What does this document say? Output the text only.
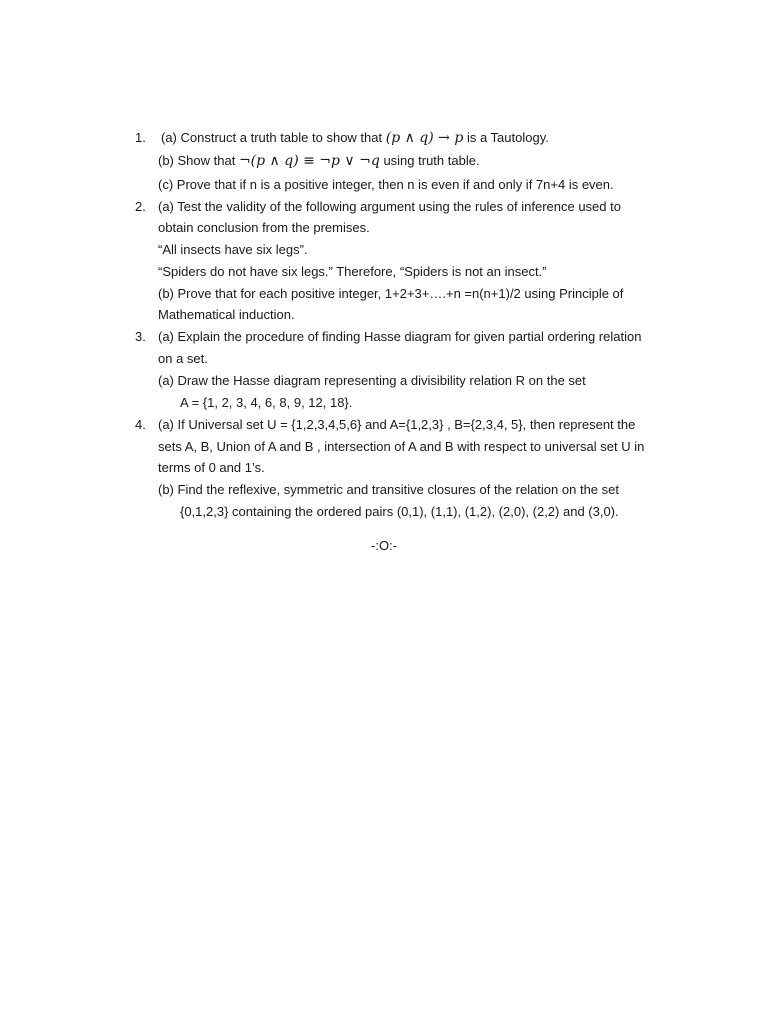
1. (a) Construct a truth table to show that (p ∧ q) → p is a Tautology.
(b) Show that ¬(p ∧ q) ≡ ¬p ∨ ¬q using truth table.
(c) Prove that if n is a positive integer, then n is even if and only if 7n+4 is even.
2. (a) Test the validity of the following argument using the rules of inference used to
obtain conclusion from the premises.
“All insects have six legs”.
“Spiders do not have six legs.” Therefore, “Spiders is not an insect.”
(b) Prove that for each positive integer, 1+2+3+….+n =n(n+1)/2 using Principle of
Mathematical induction.
3. (a) Explain the procedure of finding Hasse diagram for given partial ordering relation
on a set.
(a) Draw the Hasse diagram representing a divisibility relation R on the set
A = {1, 2, 3, 4, 6, 8, 9, 12, 18}.
4. (a) If Universal set U = {1,2,3,4,5,6} and A={1,2,3} , B={2,3,4, 5}, then represent the
sets A, B, Union of A and B , intersection of A and B with respect to universal set U in
terms of 0 and 1’s.
(b) Find the reflexive, symmetric and transitive closures of the relation on the set
{0,1,2,3} containing the ordered pairs (0,1), (1,1), (1,2), (2,0), (2,2) and (3,0).
-:O:-
